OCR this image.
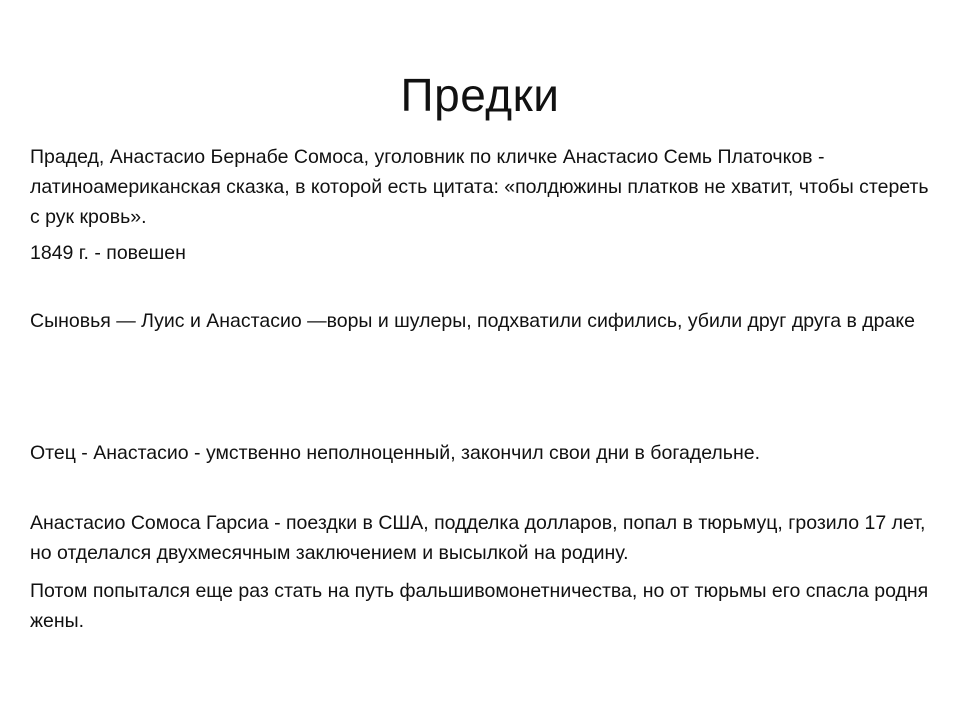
Предки

Прадед, Анастасио Бернабе Сомоса, уголовник по кличке Анастасио Семь Платочков - латиноамериканская сказка, в которой есть цитата: «полдюжины платков не хватит, чтобы стереть с рук кровь».

1849 г. - повешен

Сыновья — Луис и Анастасио —воры и шулеры, подхватили сифились, убили друг друга в драке

Отец - Анастасио - умственно неполноценный, закончил свои дни в богадельне.

Анастасио Сомоса Гарсиа - поездки в США, подделка долларов, попал в тюрьмуц, грозило 17 лет, но отделался двухмесячным заключением и высылкой на родину.

Потом попытался еще раз стать на путь фальшивомонетничества, но от тюрьмы его спасла родня жены.
